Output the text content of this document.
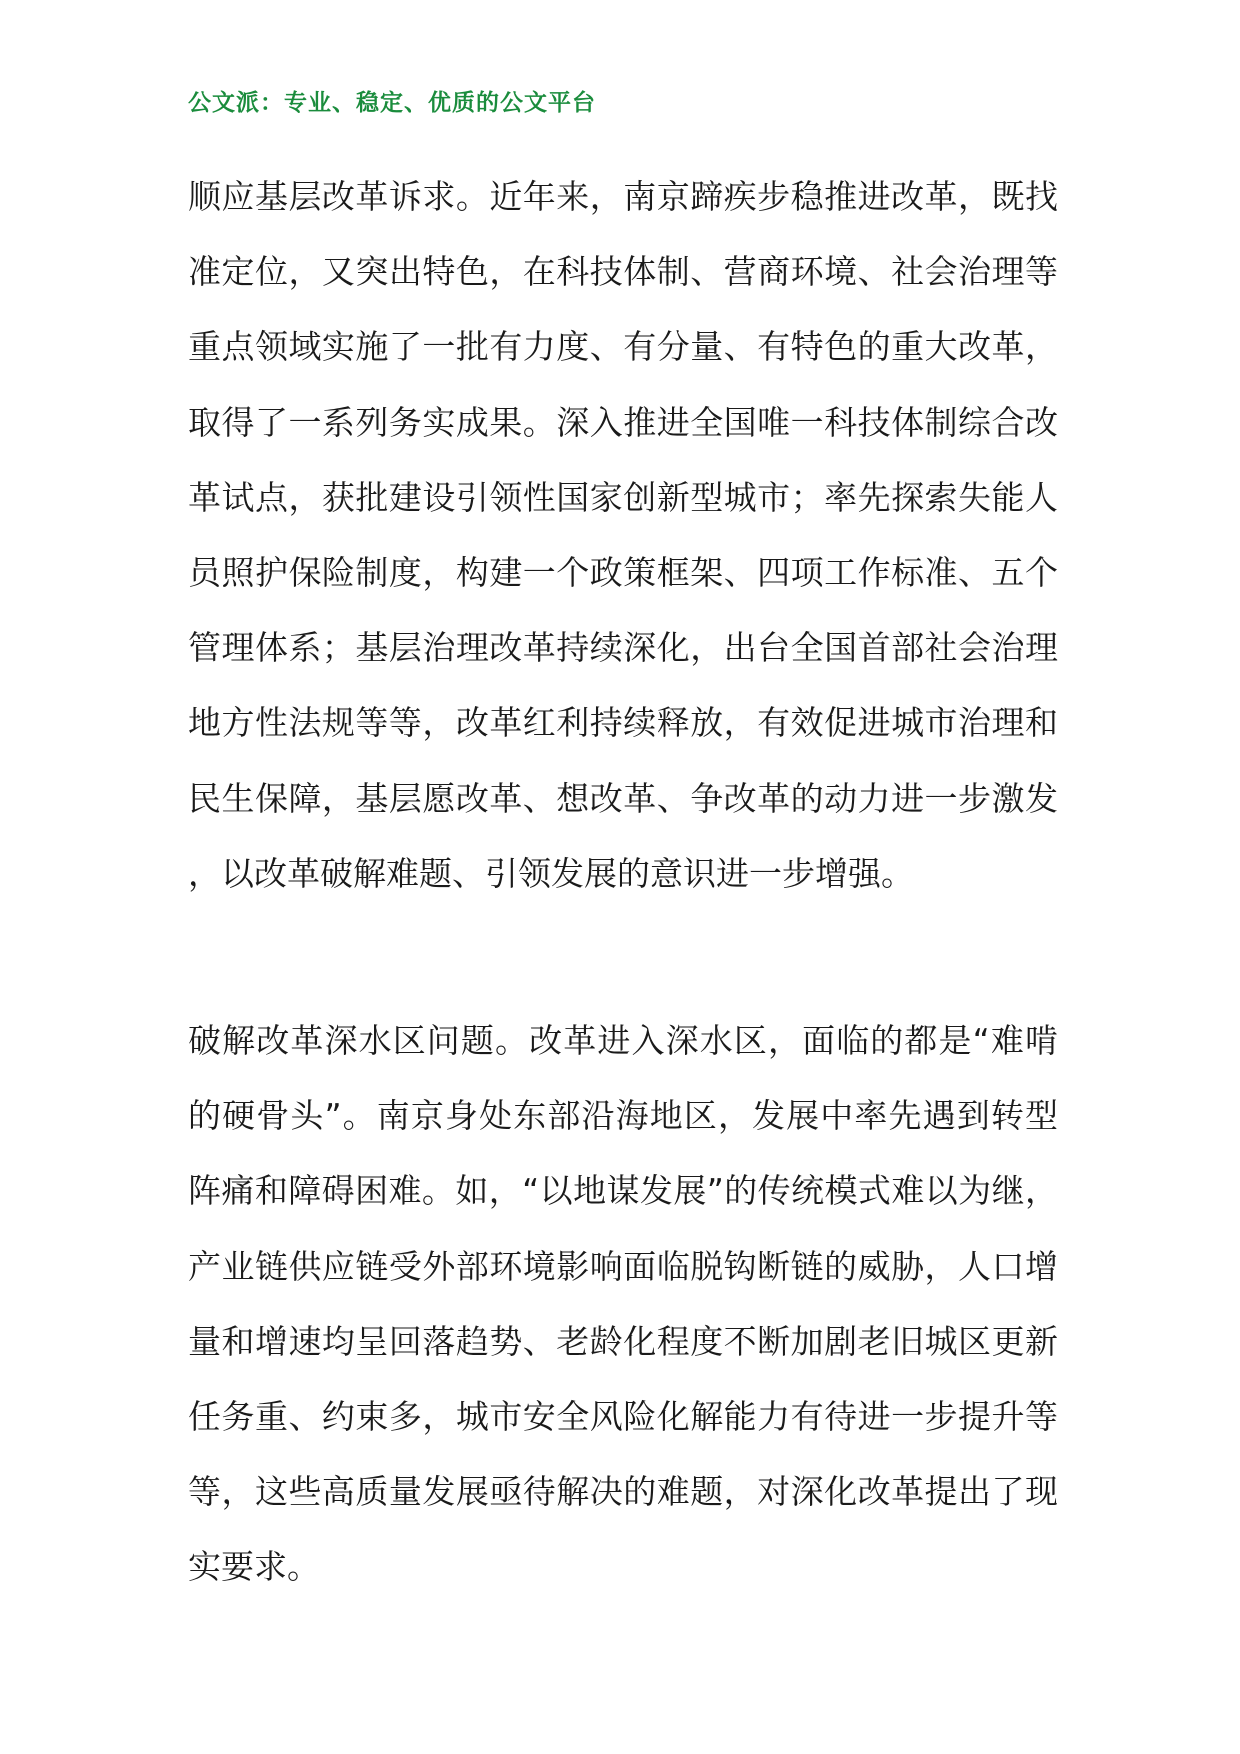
公文派：专业、稳定、优质的公文平台

顺应基层改革诉求。近年来，南京蹄疾步稳推进改革，既找准定位，又突出特色，在科技体制、营商环境、社会治理等重点领域实施了一批有力度、有分量、有特色的重大改革，取得了一系列务实成果。深入推进全国唯一科技体制综合改革试点，获批建设引领性国家创新型城市；率先探索失能人员照护保险制度，构建一个政策框架、四项工作标准、五个管理体系；基层治理改革持续深化，出台全国首部社会治理地方性法规等等，改革红利持续释放，有效促进城市治理和民生保障，基层愿改革、想改革、争改革的动力进一步激发，以改革破解难题、引领发展的意识进一步增强。

破解改革深水区问题。改革进入深水区，面临的都是“难啃的硬骨头”。南京身处东部沿海地区，发展中率先遇到转型阵痛和障碍困难。如，“以地谋发展”的传统模式难以为继，产业链供应链受外部环境影响面临脱钩断链的威胁，人口增量和增速均呈回落趋势、老龄化程度不断加剧老旧城区更新任务重、约束多，城市安全风险化解能力有待进一步提升等等，这些高质量发展亟待解决的难题，对深化改革提出了现实要求。
